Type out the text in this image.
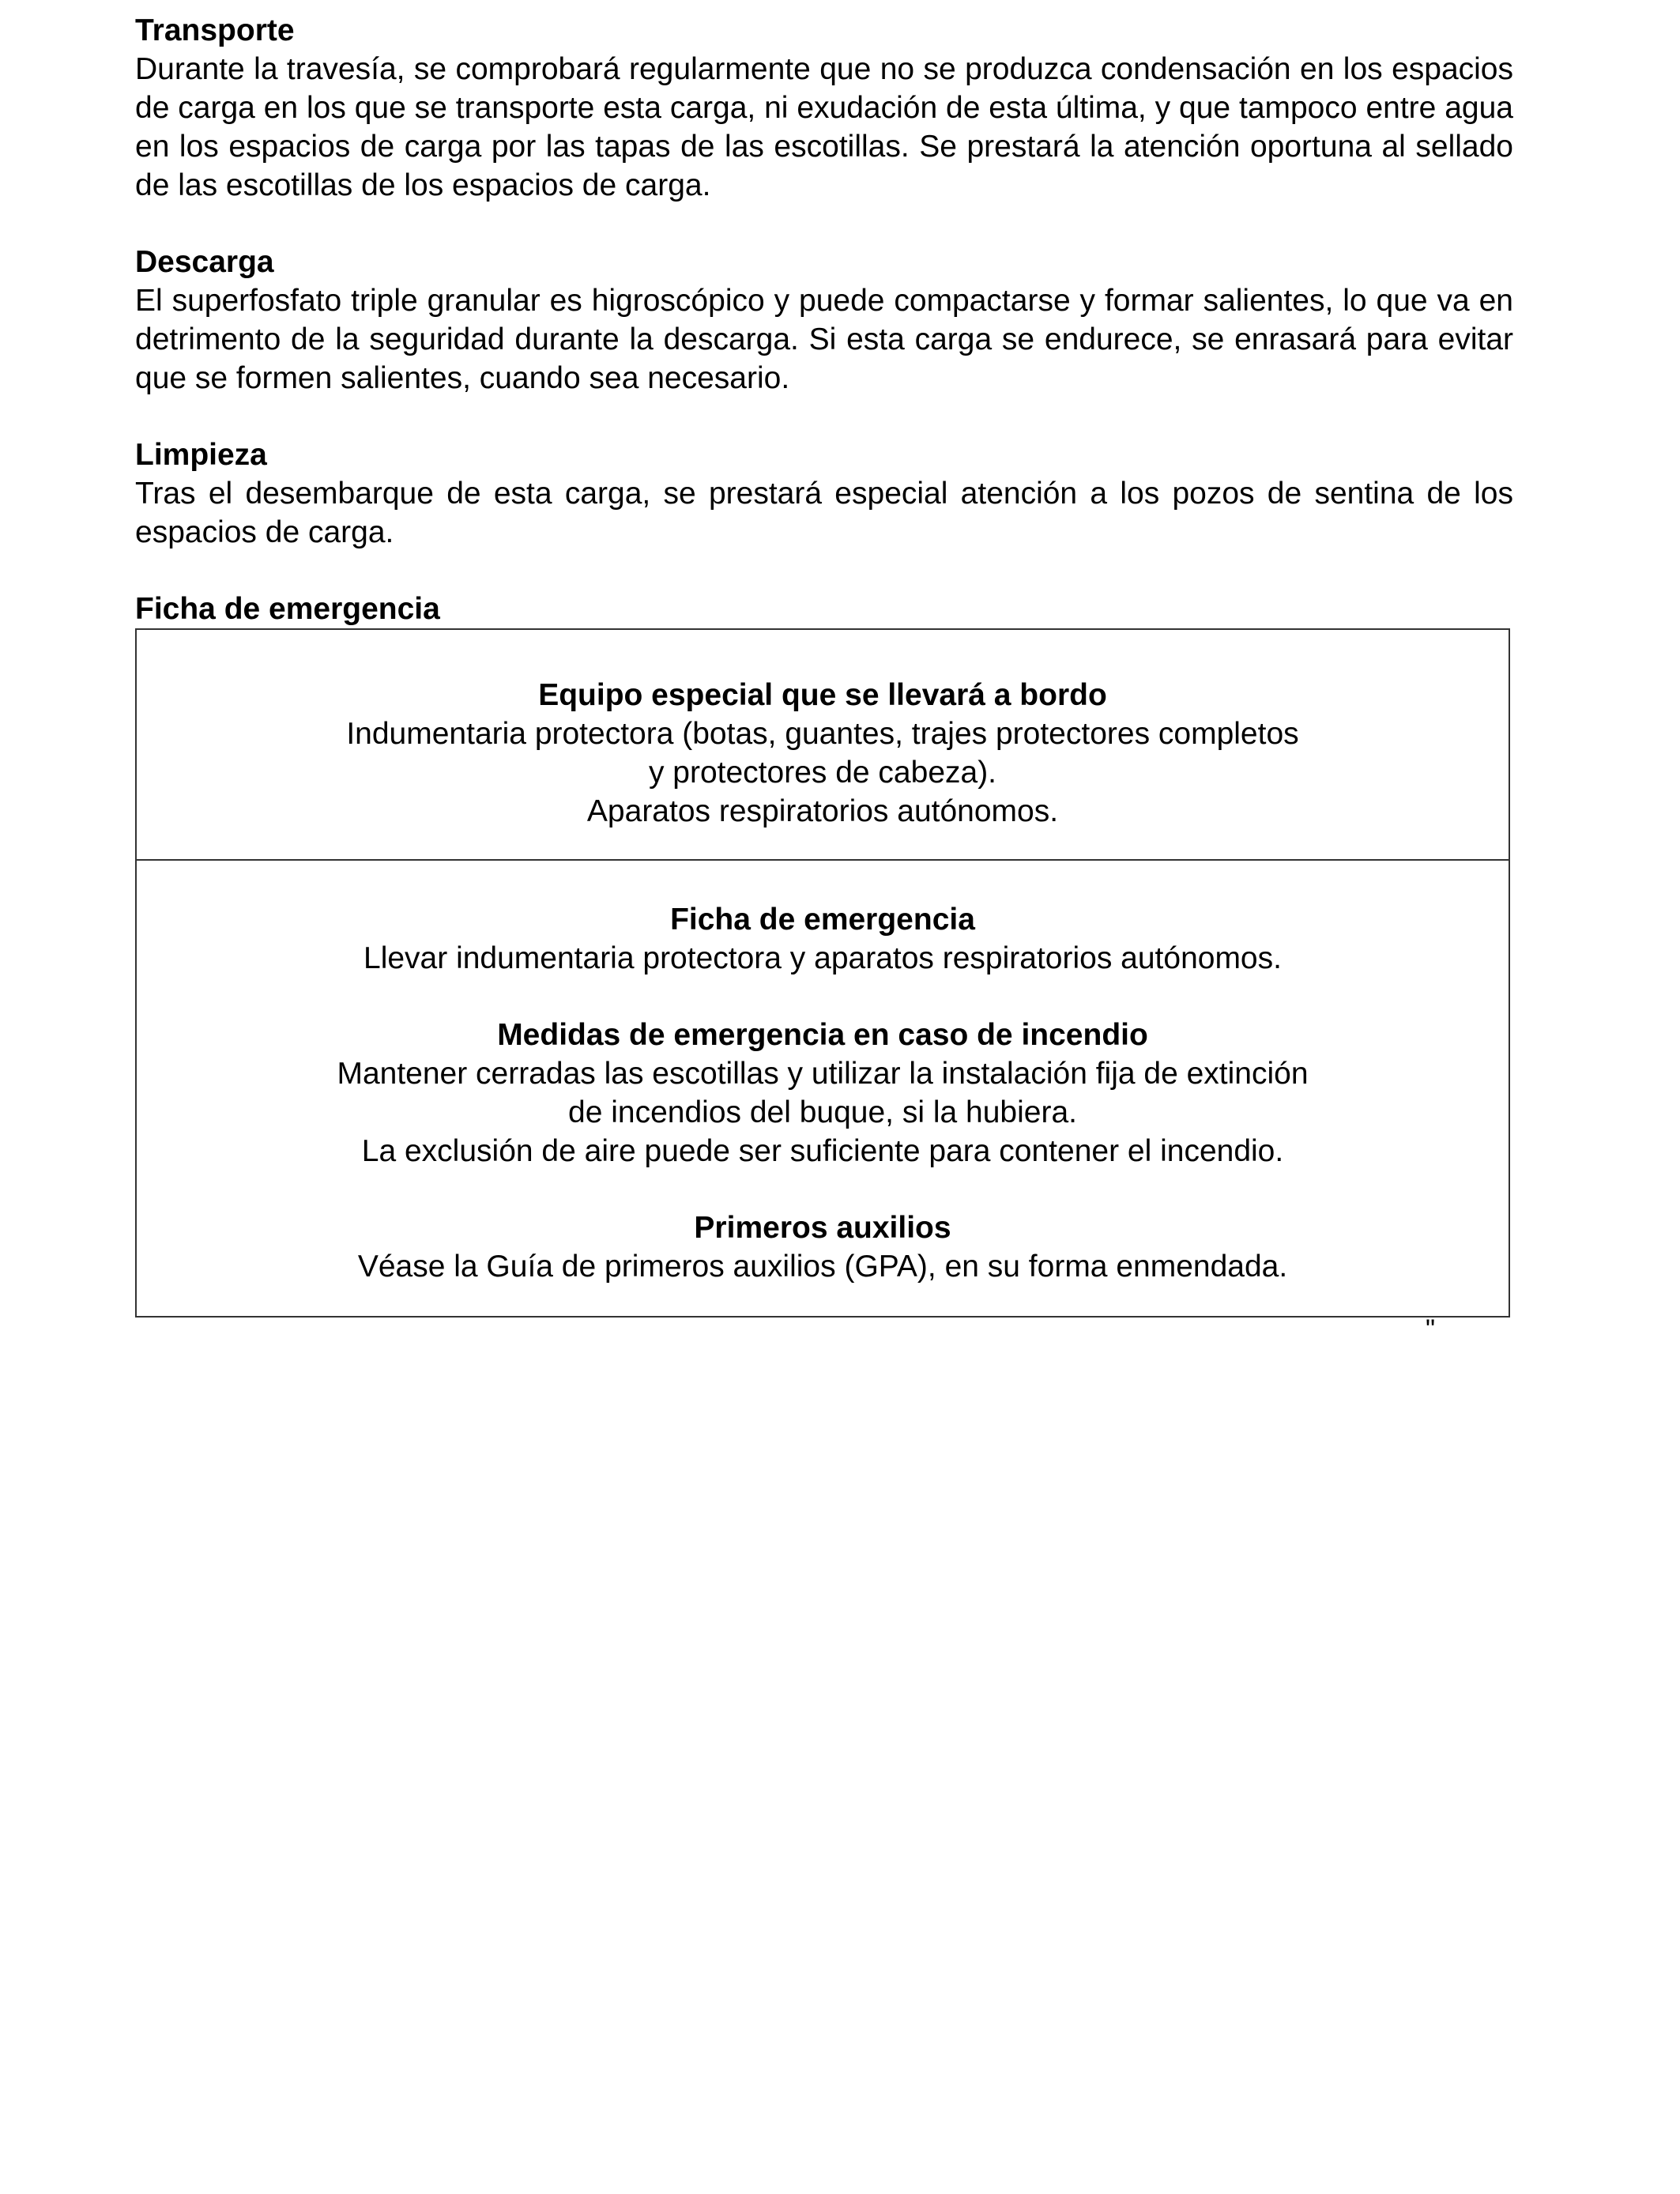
Transporte

Durante la travesía, se comprobará regularmente que no se produzca condensación en los espacios de carga en los que se transporte esta carga, ni exudación de esta última, y que tampoco entre agua en los espacios de carga por las tapas de las escotillas. Se prestará la atención oportuna al sellado de las escotillas de los espacios de carga.

Descarga

El superfosfato triple granular es higroscópico y puede compactarse y formar salientes, lo que va en detrimento de la seguridad durante la descarga. Si esta carga se endurece, se enrasará para evitar que se formen salientes, cuando sea necesario.

Limpieza

Tras el desembarque de esta carga, se prestará especial atención a los pozos de sentina de los espacios de carga.

Ficha de emergencia

Equipo especial que se llevará a bordo

Indumentaria protectora (botas, guantes, trajes protectores completos

y protectores de cabeza).

Aparatos respiratorios autónomos.

Ficha de emergencia

Llevar indumentaria protectora y aparatos respiratorios autónomos.

Medidas de emergencia en caso de incendio

Mantener cerradas las escotillas y utilizar la instalación fija de extinción

de incendios del buque, si la hubiera.

La exclusión de aire puede ser suficiente para contener el incendio.

Primeros auxilios

Véase la Guía de primeros auxilios (GPA), en su forma enmendada.

"
